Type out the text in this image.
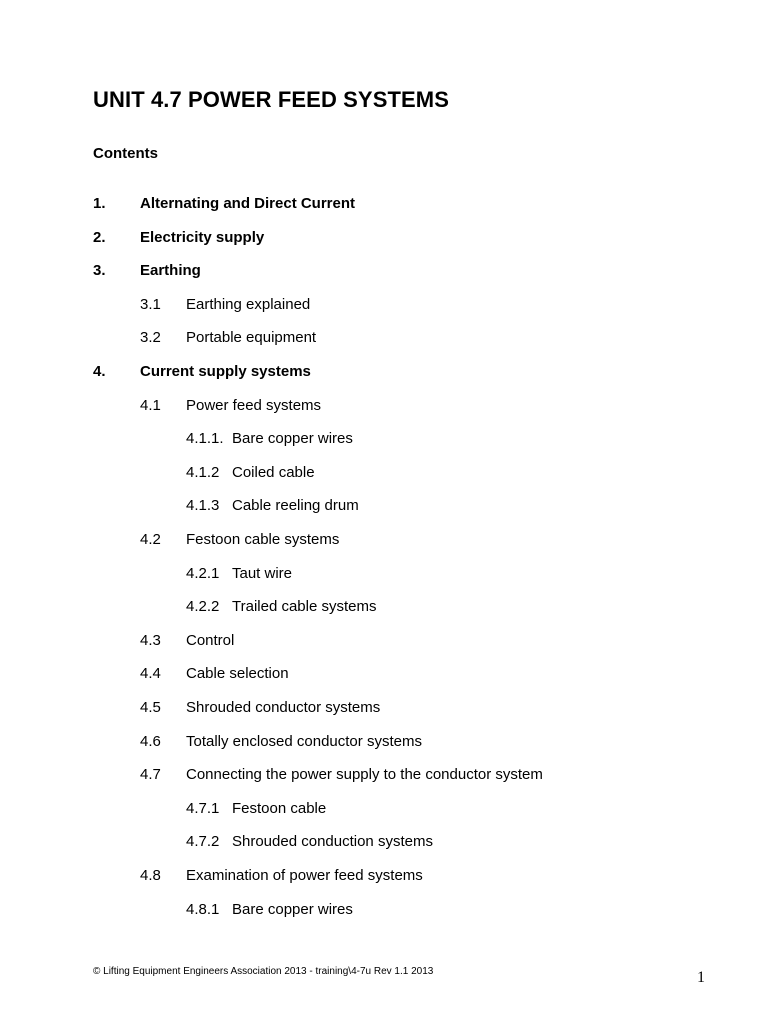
UNIT 4.7 POWER FEED SYSTEMS
Contents
1. Alternating and Direct Current
2. Electricity supply
3. Earthing
3.1 Earthing explained
3.2 Portable equipment
4. Current supply systems
4.1 Power feed systems
4.1.1. Bare copper wires
4.1.2 Coiled cable
4.1.3 Cable reeling drum
4.2 Festoon cable systems
4.2.1 Taut wire
4.2.2 Trailed cable systems
4.3 Control
4.4 Cable selection
4.5 Shrouded conductor systems
4.6 Totally enclosed conductor systems
4.7 Connecting the power supply to the conductor system
4.7.1 Festoon cable
4.7.2 Shrouded conduction systems
4.8 Examination of power feed systems
4.8.1 Bare copper wires
© Lifting Equipment Engineers Association 2013 - training\4-7u Rev 1.1 2013	1
